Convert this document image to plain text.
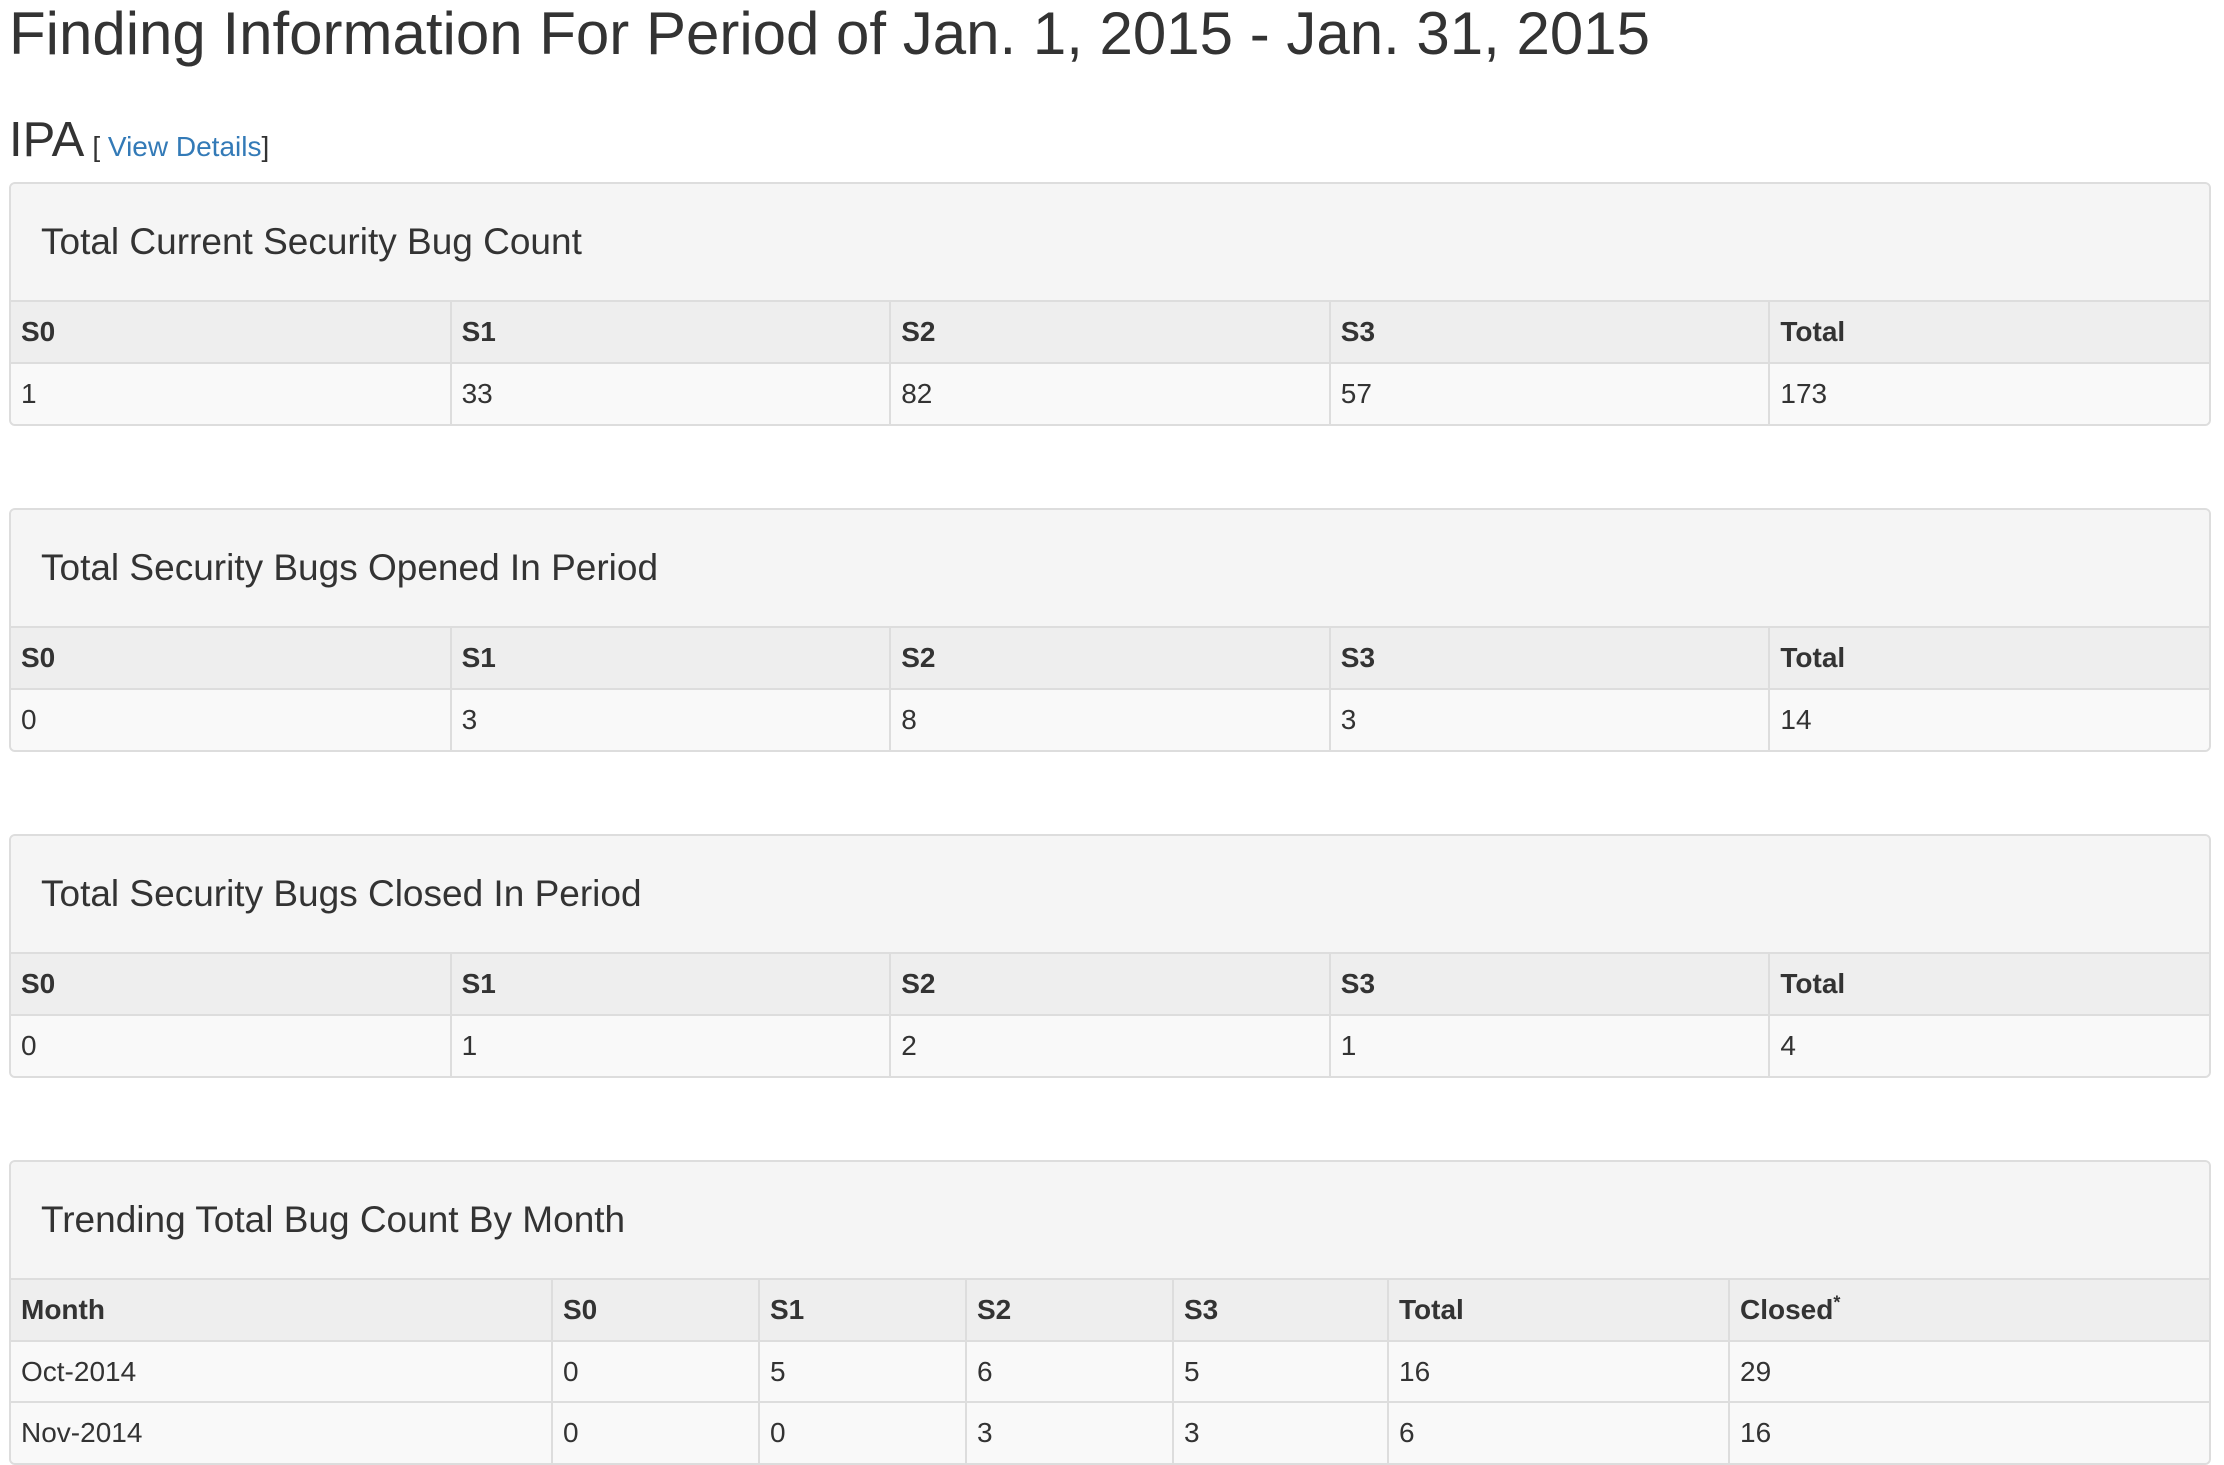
Finding Information For Period of Jan. 1, 2015 - Jan. 31, 2015
IPA [ View Details]
Total Current Security Bug Count
S0	S1	S2	S3	Total
1	33	82	57	173
Total Security Bugs Opened In Period
S0	S1	S2	S3	Total
0	3	8	3	14
Total Security Bugs Closed In Period
S0	S1	S2	S3	Total
0	1	2	1	4
Trending Total Bug Count By Month
Month	S0	S1	S2	S3	Total	Closed*
Oct-2014	0	5	6	5	16	29
Nov-2014	0	0	3	3	6	16
